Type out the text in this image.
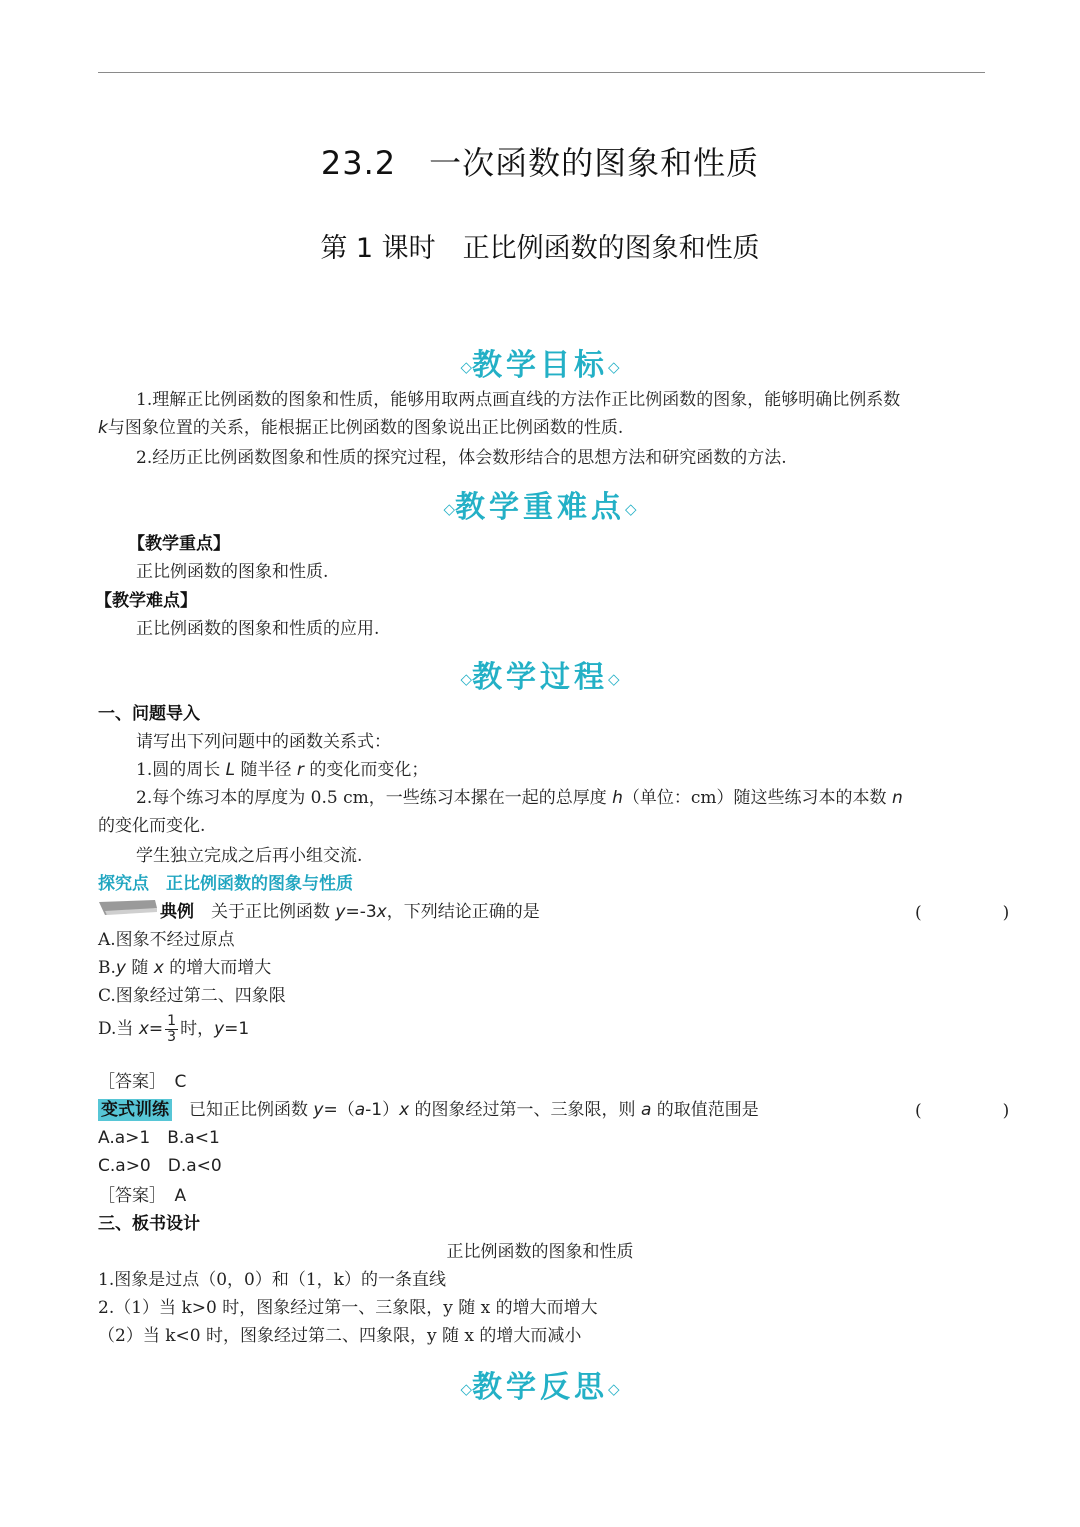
23.2　一次函数的图象和性质
第 1 课时　正比例函数的图象和性质
◇教学目标◇
1.理解正比例函数的图象和性质，能够用取两点画直线的方法作正比例函数的图象，能够明确比例系数
k与图象位置的关系，能根据正比例函数的图象说出正比例函数的性质.
2.经历正比例函数图象和性质的探究过程，体会数形结合的思想方法和研究函数的方法.
◇教学重难点◇
【教学重点】
正比例函数的图象和性质.
【教学难点】
正比例函数的图象和性质的应用.
◇教学过程◇
一、问题导入
请写出下列问题中的函数关系式：
1.圆的周长 L 随半径 r 的变化而变化；
2.每个练习本的厚度为 0.5 cm，一些练习本摞在一起的总厚度 h（单位：cm）随这些练习本的本数 n
的变化而变化.
学生独立完成之后再小组交流.
探究点　正比例函数的图象与性质
典例　 关于正比例函数 y=-3x，下列结论正确的是	(　)
A.图象不经过原点
B.y 随 x 的增大而增大
C.图象经过第二、四象限
D.当 $x= \frac{1}{3}$ 时，y=1
［答案］　C
变式训练　 已知正比例函数 y=（a-1）x 的图象经过第一、三象限，则 a 的取值范围是	(　)
A.a>1　B.a<1
C.a>0　D.a<0
［答案］　A
三、板书设计
正比例函数的图象和性质
1.图象是过点（0，0）和（1，k）的一条直线
2.（1）当 k>0 时，图象经过第一、三象限，y 随 x 的增大而增大
（2）当 k<0 时，图象经过第二、四象限，y 随 x 的增大而减小
◇教学反思◇
